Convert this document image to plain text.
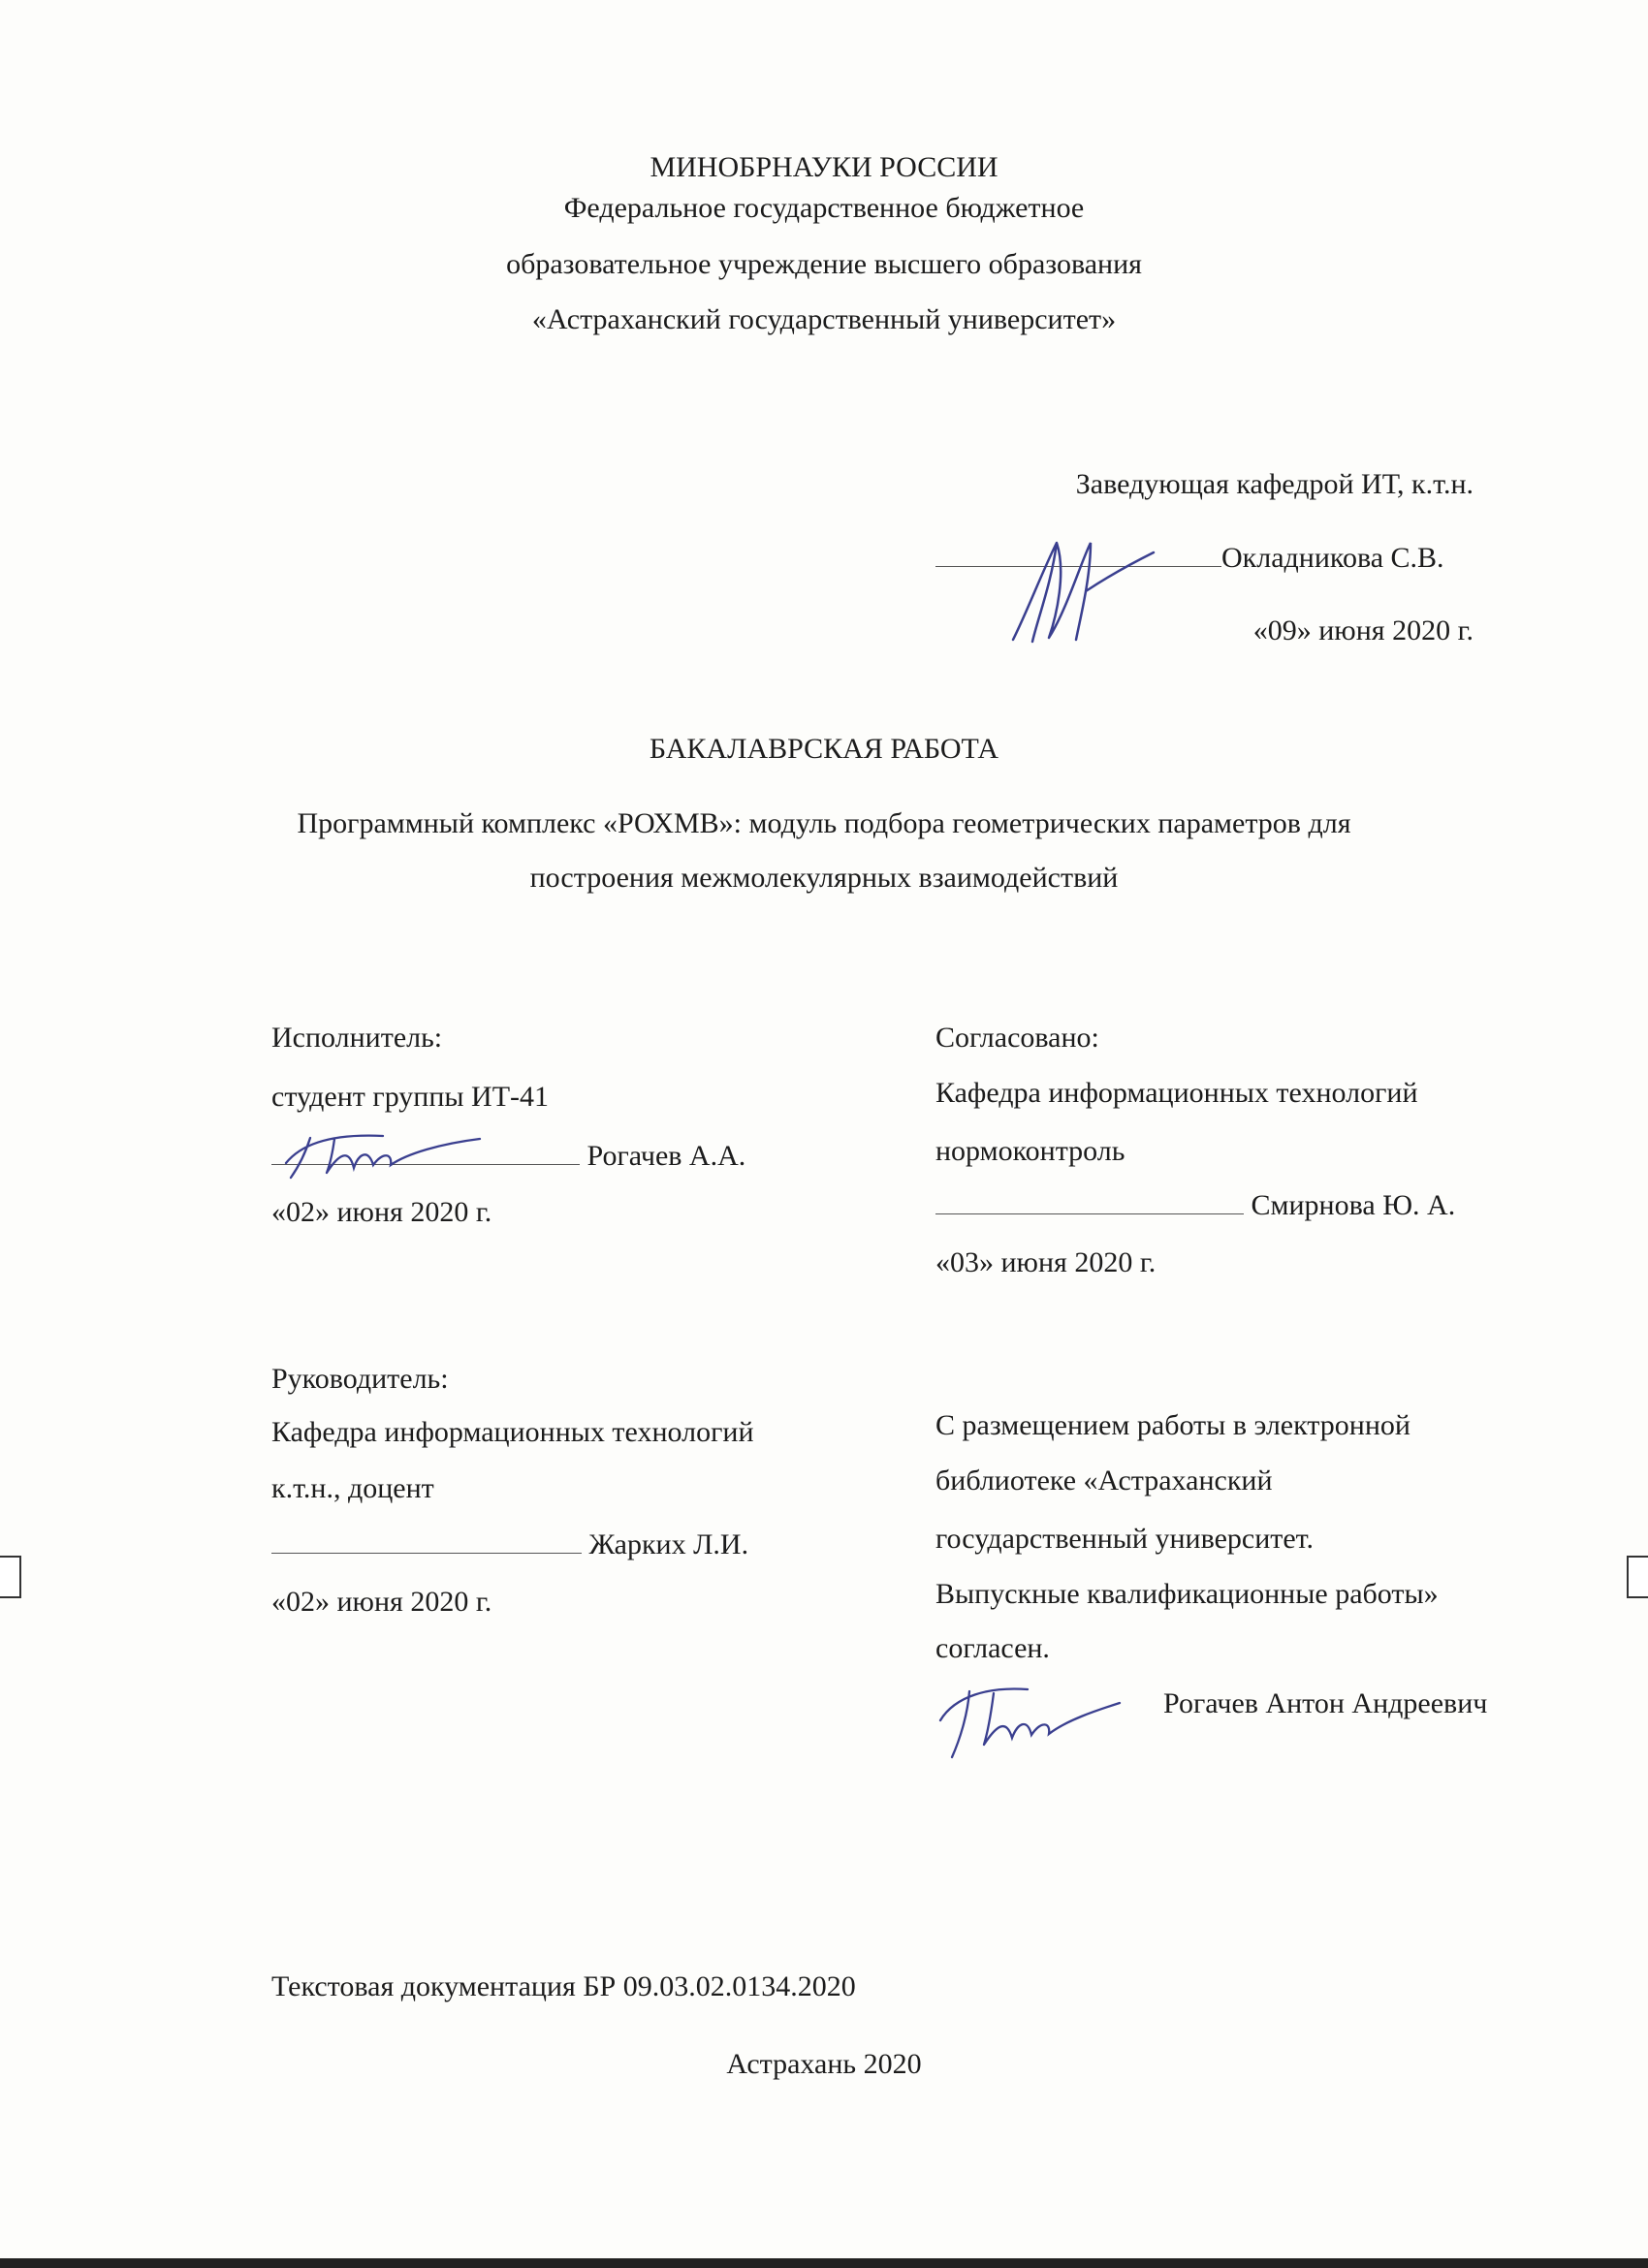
МИНОБРНАУКИ РОССИИ
Федеральное государственное бюджетное
образовательное учреждение высшего образования
«Астраханский государственный университет»
Заведующая кафедрой ИТ, к.т.н.
Окладникова С.В.
«09» июня 2020 г.
БАКАЛАВРСКАЯ РАБОТА
Программный комплекс «РОХМВ»: модуль подбора геометрических параметров для
построения межмолекулярных взаимодействий
Исполнитель:
студент группы ИТ-41
Рогачев А.А.
«02» июня 2020 г.
Согласовано:
Кафедра информационных технологий
нормоконтроль
Смирнова Ю. А.
«03» июня 2020 г.
Руководитель:
Кафедра информационных технологий
к.т.н., доцент
Жарких Л.И.
«02» июня 2020 г.
С размещением работы в электронной
библиотеке «Астраханский
государственный университет.
Выпускные квалификационные работы»
согласен.
Рогачев Антон Андреевич
Текстовая документация БР 09.03.02.0134.2020
Астрахань 2020
